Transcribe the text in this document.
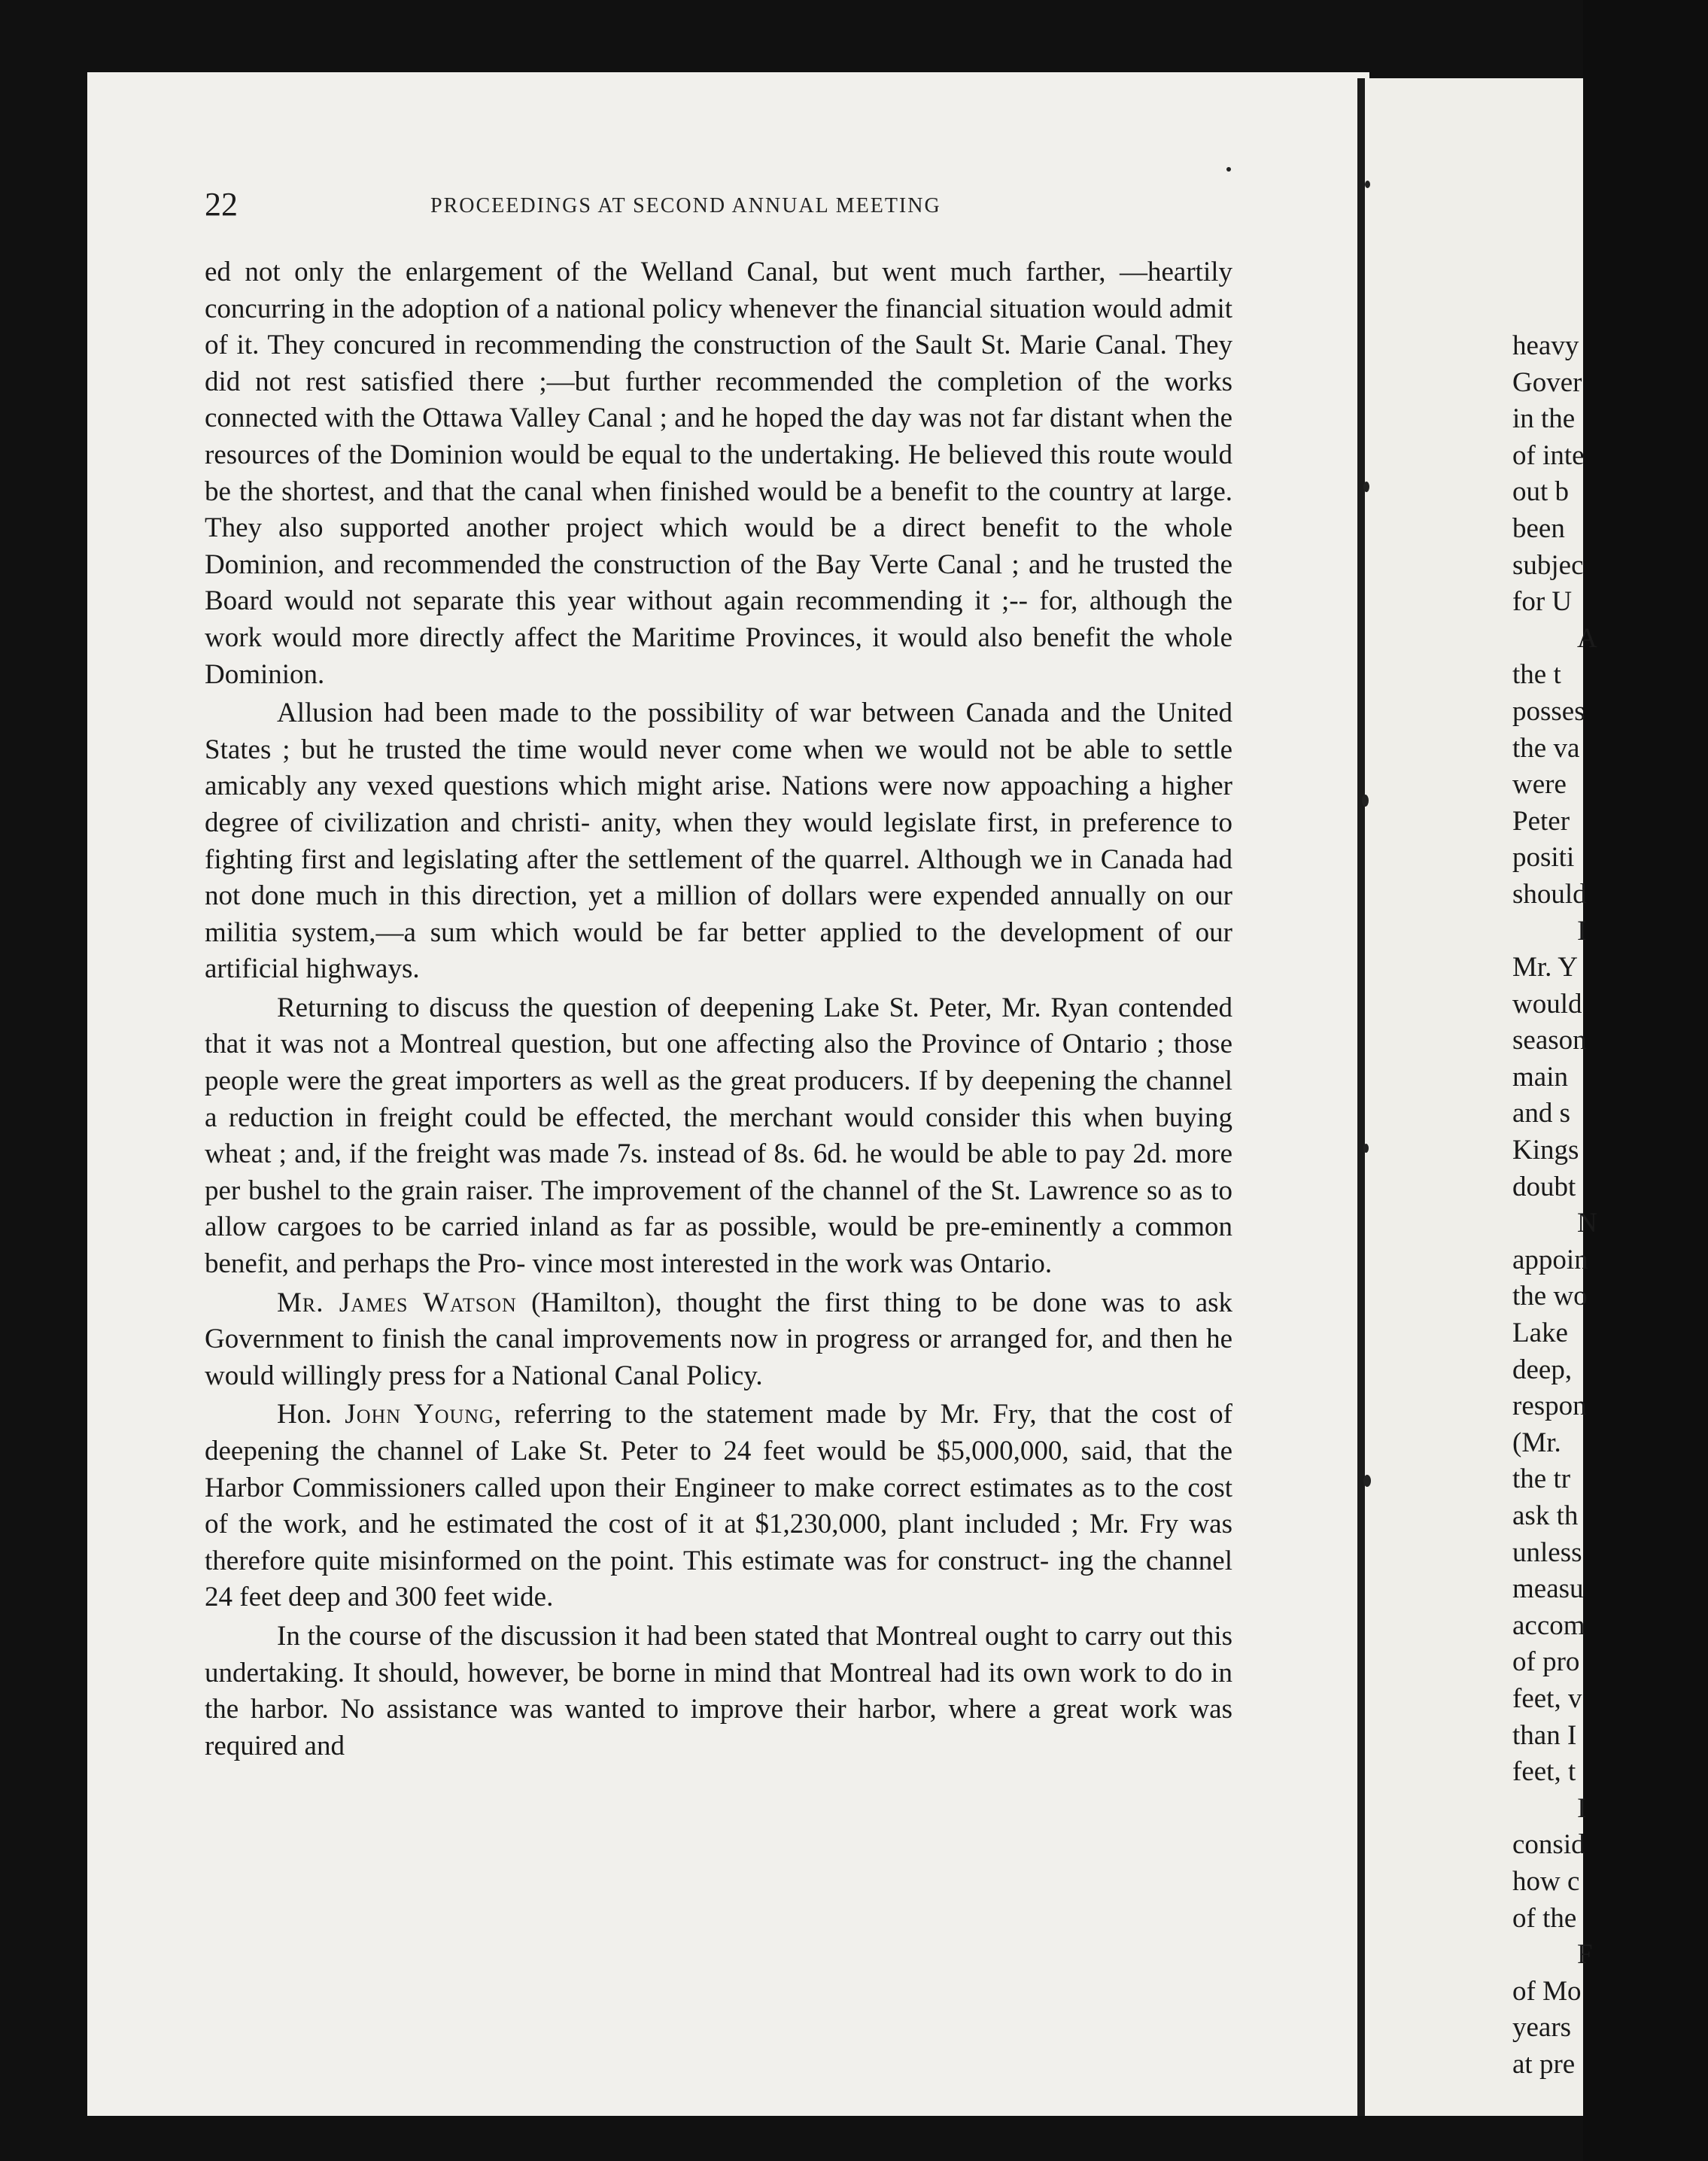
heavy
Gover
in the
of inte
out b
been
subjec
for U
A
the t
posses
the va
were
Peter
positi
should
I
Mr. Y
would
season
main
and s
Kings
doubt
N
appoin
the wo
Lake
deep,
respon
(Mr.
the tr
ask th
unless
measu
accom
of pro
feet, v
than I
feet, t
I
consid
how c
of the
F
of Mo
years
at pre
22	PROCEEDINGS AT SECOND ANNUAL MEETING

ed not only the enlargement of the Welland Canal, but went much farther, —heartily concurring in the adoption of a national policy whenever the financial situation would admit of it. They concured in recommending the construction of the Sault St. Marie Canal. They did not rest satisfied there ;—but further recommended the completion of the works connected with the Ottawa Valley Canal ; and he hoped the day was not far distant when the resources of the Dominion would be equal to the undertaking. He believed this route would be the shortest, and that the canal when finished would be a benefit to the country at large. They also supported another project which would be a direct benefit to the whole Dominion, and recommended the construction of the Bay Verte Canal ; and he trusted the Board would not separate this year without again recommending it ;-- for, although the work would more directly affect the Maritime Provinces, it would also benefit the whole Dominion.

Allusion had been made to the possibility of war between Canada and the United States ; but he trusted the time would never come when we would not be able to settle amicably any vexed questions which might arise. Nations were now appoaching a higher degree of civilization and christi- anity, when they would legislate first, in preference to fighting first and legislating after the settlement of the quarrel. Although we in Canada had not done much in this direction, yet a million of dollars were expended annually on our militia system,—a sum which would be far better applied to the development of our artificial highways.

Returning to discuss the question of deepening Lake St. Peter, Mr. Ryan contended that it was not a Montreal question, but one affecting also the Province of Ontario ; those people were the great importers as well as the great producers. If by deepening the channel a reduction in freight could be effected, the merchant would consider this when buying wheat ; and, if the freight was made 7s. instead of 8s. 6d. he would be able to pay 2d. more per bushel to the grain raiser. The improvement of the channel of the St. Lawrence so as to allow cargoes to be carried inland as far as possible, would be pre-eminently a common benefit, and perhaps the Pro- vince most interested in the work was Ontario.

Mr. James Watson (Hamilton), thought the first thing to be done was to ask Government to finish the canal improvements now in progress or arranged for, and then he would willingly press for a National Canal Policy.

Hon. John Young, referring to the statement made by Mr. Fry, that the cost of deepening the channel of Lake St. Peter to 24 feet would be $5,000,000, said, that the Harbor Commissioners called upon their Engineer to make correct estimates as to the cost of the work, and he estimated the cost of it at $1,230,000, plant included ; Mr. Fry was therefore quite misinformed on the point. This estimate was for construct- ing the channel 24 feet deep and 300 feet wide.

In the course of the discussion it had been stated that Montreal ought to carry out this undertaking. It should, however, be borne in mind that Montreal had its own work to do in the harbor. No assistance was wanted to improve their harbor, where a great work was required and
